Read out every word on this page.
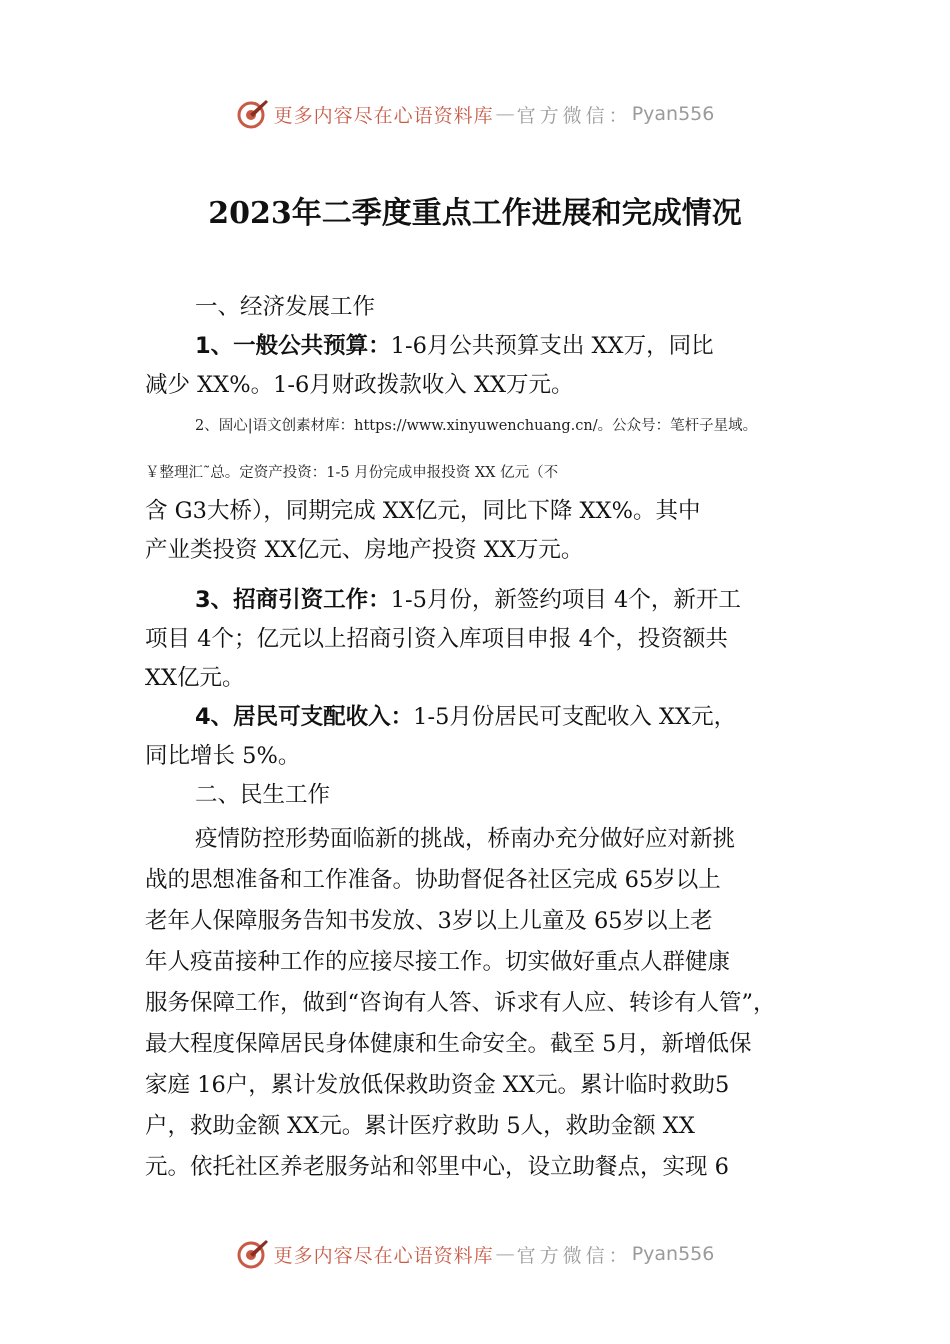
更多内容尽在心语资料库 — 官方微信： Pyan556
2023年二季度重点工作进展和完成情况

一、经济发展工作

1、一般公共预算：1-6月公共预算支出 XX万，同比

减少 XX%。1-6月财政拨款收入 XX万元。

2、固心|语文创素材库：https://www.xinyuwenchuang.cn/。公众号：笔杆子星域。

￥整理汇˜总。定资产投资：1-5 月份完成申报投资 XX 亿元（不

含 G3大桥），同期完成 XX亿元，同比下降 XX%。其中

产业类投资 XX亿元、房地产投资 XX万元。

3、招商引资工作：1-5月份，新签约项目 4个，新开工

项目 4个；亿元以上招商引资入库项目申报 4个，投资额共

XX亿元。

4、居民可支配收入：1-5月份居民可支配收入 XX元，

同比增长 5%。

二、民生工作

疫情防控形势面临新的挑战，桥南办充分做好应对新挑

战的思想准备和工作准备。协助督促各社区完成 65岁以上

老年人保障服务告知书发放、3岁以上儿童及 65岁以上老

年人疫苗接种工作的应接尽接工作。切实做好重点人群健康

服务保障工作，做到“咨询有人答、诉求有人应、转诊有人管”，

最大程度保障居民身体健康和生命安全。截至 5月，新增低保

家庭 16户，累计发放低保救助资金 XX元。累计临时救助5

户，救助金额 XX元。累计医疗救助 5人，救助金额 XX

元。依托社区养老服务站和邻里中心，设立助餐点，实现 6

更多内容尽在心语资料库 — 官方微信： Pyan556
